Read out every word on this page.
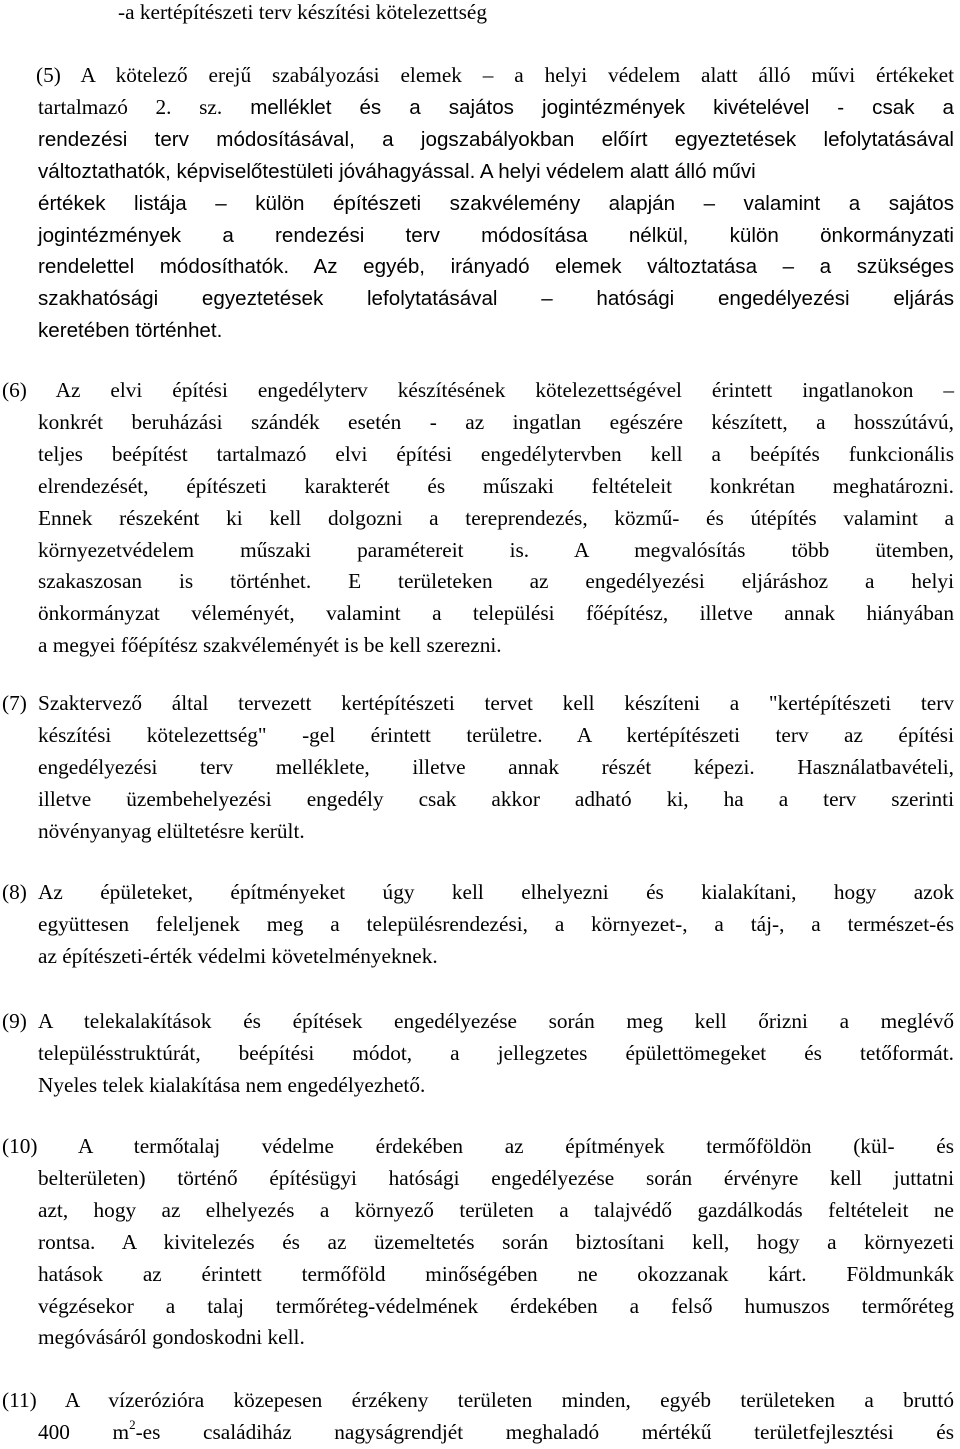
-a kertépítészeti terv készítési kötelezettség
(5) A kötelező erejű szabályozási elemek – a helyi védelem alatt álló művi értékeket
tartalmazó 2. sz. melléklet és a sajátos jogintézmények kivételével - csak a
rendezési terv módosításával, a jogszabályokban előírt egyeztetések lefolytatásával
változtathatók, képviselőtestületi jóváhagyással. A helyi védelem alatt álló művi
értékek listája – külön építészeti szakvélemény alapján – valamint a sajátos
jogintézmények a rendezési terv módosítása nélkül, külön önkormányzati
rendelettel módosíthatók. Az egyéb, irányadó elemek változtatása – a szükséges
szakhatósági egyeztetések lefolytatásával – hatósági engedélyezési eljárás
keretében történhet.
(6) Az elvi építési engedélyterv készítésének kötelezettségével érintett ingatlanokon –
konkrét beruházási szándék esetén - az ingatlan egészére készített, a hosszútávú,
teljes beépítést tartalmazó elvi építési engedélytervben kell a beépítés funkcionális
elrendezését, építészeti karakterét és műszaki feltételeit konkrétan meghatározni.
Ennek részeként ki kell dolgozni a tereprendezés, közmű- és útépítés valamint a
környezetvédelem műszaki paramétereit is. A megvalósítás több ütemben,
szakaszosan is történhet. E területeken az engedélyezési eljáráshoz a helyi
önkormányzat véleményét, valamint a települési főépítész, illetve annak hiányában
a megyei főépítész szakvéleményét is be kell szerezni.
(7) Szaktervező által tervezett kertépítészeti tervet kell készíteni a "kertépítészeti terv
készítési kötelezettség" -gel érintett területre. A kertépítészeti terv az építési
engedélyezési terv melléklete, illetve annak részét képezi. Használatbavételi,
illetve üzembehelyezési engedély csak akkor adható ki, ha a terv szerinti
növényanyag elültetésre került.
(8) Az épületeket, építményeket úgy kell elhelyezni és kialakítani, hogy azok
együttesen feleljenek meg a településrendezési, a környezet-, a táj-, a természet-és
az építészeti-érték védelmi követelményeknek.
(9) A telekalakítások és építések engedélyezése során meg kell őrizni a meglévő
településstruktúrát, beépítési módot, a jellegzetes épülettömegeket és tetőformát.
Nyeles telek kialakítása nem engedélyezhető.
(10) A termőtalaj védelme érdekében az építmények termőföldön (kül- és
belterületen) történő építésügyi hatósági engedélyezése során érvényre kell juttatni
azt, hogy az elhelyezés a környező területen a talajvédő gazdálkodás feltételeit ne
rontsa. A kivitelezés és az üzemeltetés során biztosítani kell, hogy a környezeti
hatások az érintett termőföld minőségében ne okozzanak kárt. Földmunkák
végzésekor a talaj termőréteg-védelmének érdekében a felső humuszos termőréteg
megóvásáról gondoskodni kell.
(11) A vízerózióra közepesen érzékeny területen minden, egyéb területeken a bruttó
400 $m^2-es$ családiház nagyságrendjét meghaladó mértékű területfejlesztési és
